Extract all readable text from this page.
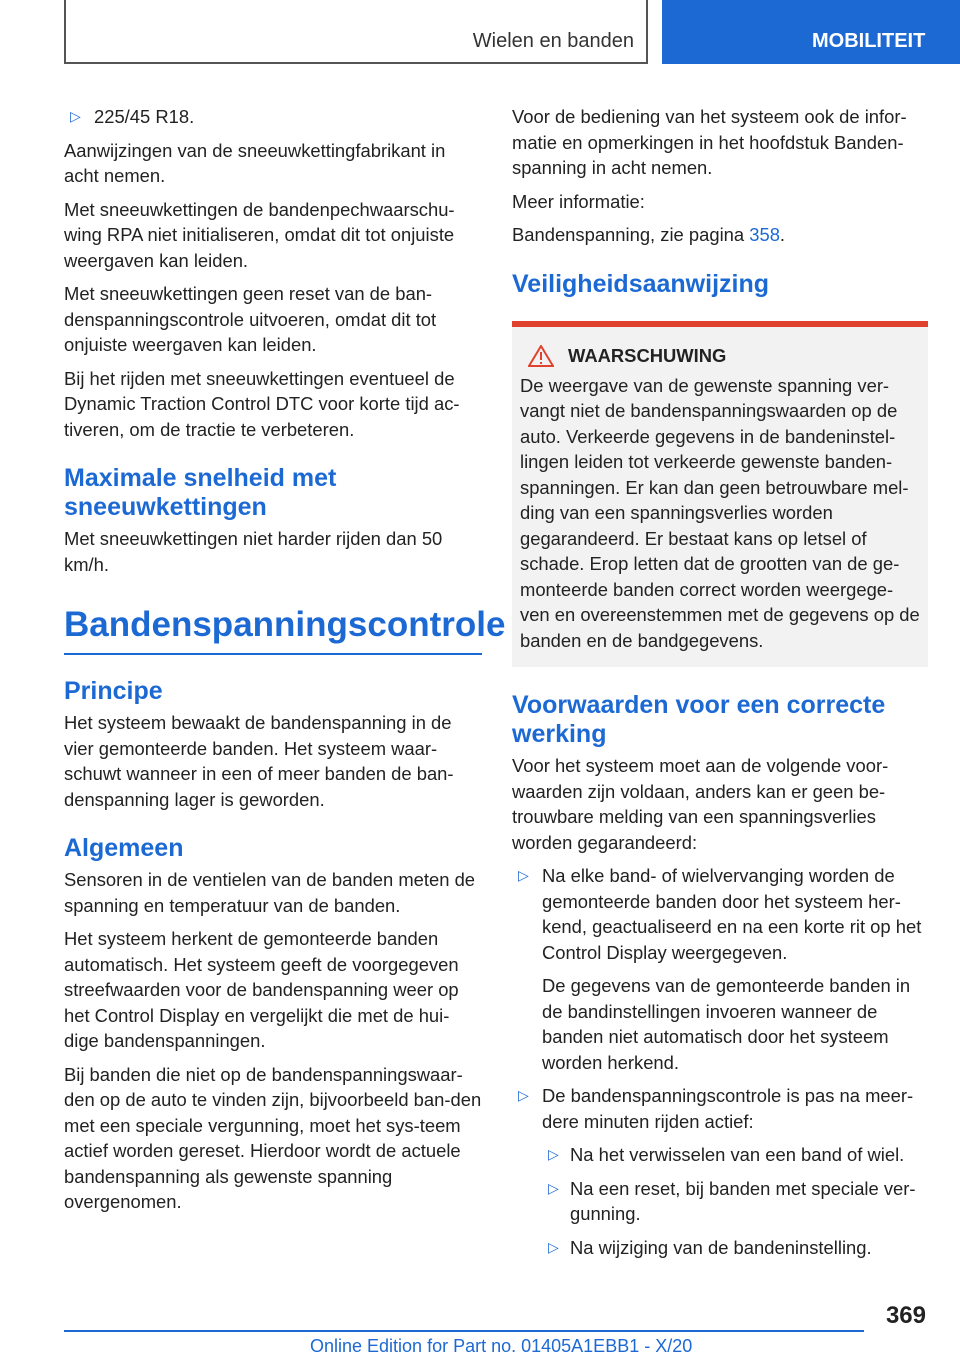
Wielen en banden	MOBILITEIT

▷ 225/45 R18.

Aanwijzingen van de sneeuwkettingfabrikant in acht nemen.

Met sneeuwkettingen de bandenpechwaarschu-wing RPA niet initialiseren, omdat dit tot onjuiste weergaven kan leiden.

Met sneeuwkettingen geen reset van de ban-denspanningscontrole uitvoeren, omdat dit tot onjuiste weergaven kan leiden.

Bij het rijden met sneeuwkettingen eventueel de Dynamic Traction Control DTC voor korte tijd ac-tiveren, om de tractie te verbeteren.

Maximale snelheid met sneeuwkettingen

Met sneeuwkettingen niet harder rijden dan 50 km/h.

Bandenspanningscontrole
Principe

Het systeem bewaakt de bandenspanning in de vier gemonteerde banden. Het systeem waar-schuwt wanneer in een of meer banden de ban-denspanning lager is geworden.

Algemeen

Sensoren in de ventielen van de banden meten de spanning en temperatuur van de banden.

Het systeem herkent de gemonteerde banden automatisch. Het systeem geeft de voorgegeven streefwaarden voor de bandenspanning weer op het Control Display en vergelijkt die met de hui-dige bandenspanningen.

Bij banden die niet op de bandenspanningswaar-den op de auto te vinden zijn, bijvoorbeeld ban-den met een speciale vergunning, moet het sys-teem actief worden gereset. Hierdoor wordt de actuele bandenspanning als gewenste spanning overgenomen.

Voor de bediening van het systeem ook de infor-matie en opmerkingen in het hoofdstuk Banden-spanning in acht nemen.

Meer informatie:

Bandenspanning, zie pagina 358.

Veiligheidsaanwijzing
WAARSCHUWING

De weergave van de gewenste spanning ver-vangt niet de bandenspanningswaarden op de auto. Verkeerde gegevens in de bandeninstel-lingen leiden tot verkeerde gewenste banden-spanningen. Er kan dan geen betrouwbare mel-ding van een spanningsverlies worden gegarandeerd. Er bestaat kans op letsel of schade. Erop letten dat de grootten van de ge-monteerde banden correct worden weergege-ven en overeenstemmen met de gegevens op de banden en de bandgegevens.

Voorwaarden voor een correcte werking

Voor het systeem moet aan de volgende voor-waarden zijn voldaan, anders kan er geen be-trouwbare melding van een spanningsverlies worden gegarandeerd:

▷ Na elke band- of wielvervanging worden de gemonteerde banden door het systeem her-kend, geactualiseerd en na een korte rit op het Control Display weergegeven.

De gegevens van de gemonteerde banden in de bandinstellingen invoeren wanneer de banden niet automatisch door het systeem worden herkend.

▷ De bandenspanningscontrole is pas na meer-dere minuten rijden actief:

▷ Na het verwisselen van een band of wiel.

▷ Na een reset, bij banden met speciale ver-gunning.

▷ Na wijziging van de bandeninstelling.

369
Online Edition for Part no. 01405A1EBB1 - X/20
